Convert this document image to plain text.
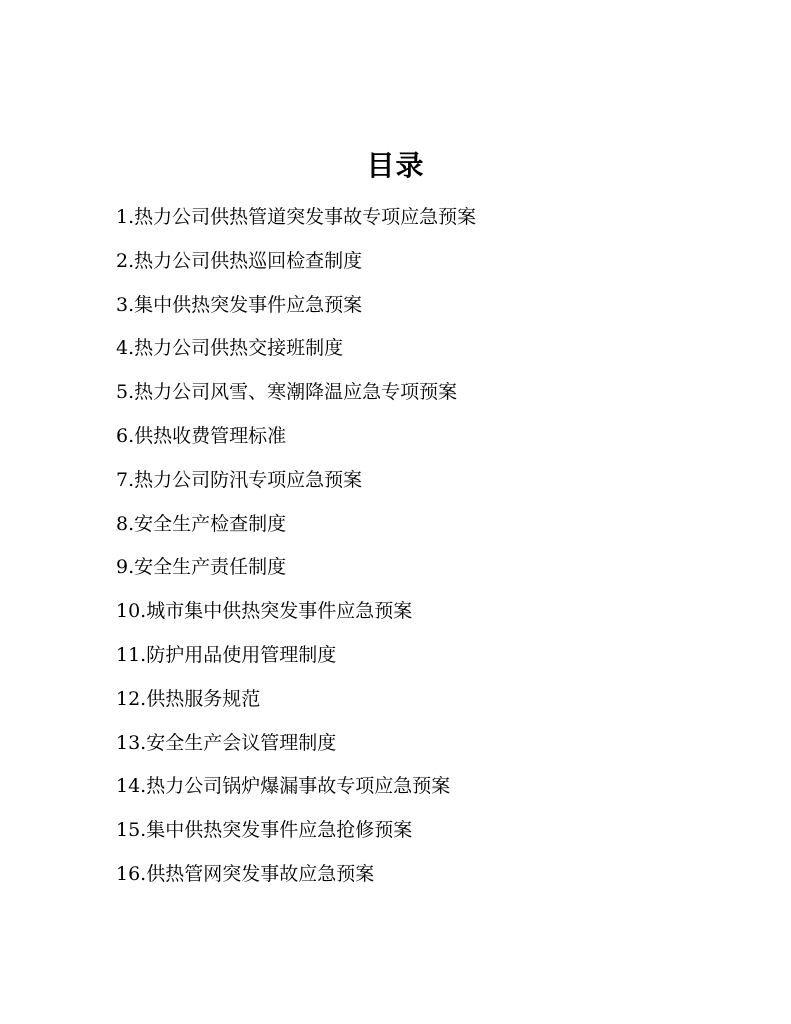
目录
1.热力公司供热管道突发事故专项应急预案
2.热力公司供热巡回检查制度
3.集中供热突发事件应急预案
4.热力公司供热交接班制度
5.热力公司风雪、寒潮降温应急专项预案
6.供热收费管理标准
7.热力公司防汛专项应急预案
8.安全生产检查制度
9.安全生产责任制度
10.城市集中供热突发事件应急预案
11.防护用品使用管理制度
12.供热服务规范
13.安全生产会议管理制度
14.热力公司锅炉爆漏事故专项应急预案
15.集中供热突发事件应急抢修预案
16.供热管网突发事故应急预案
